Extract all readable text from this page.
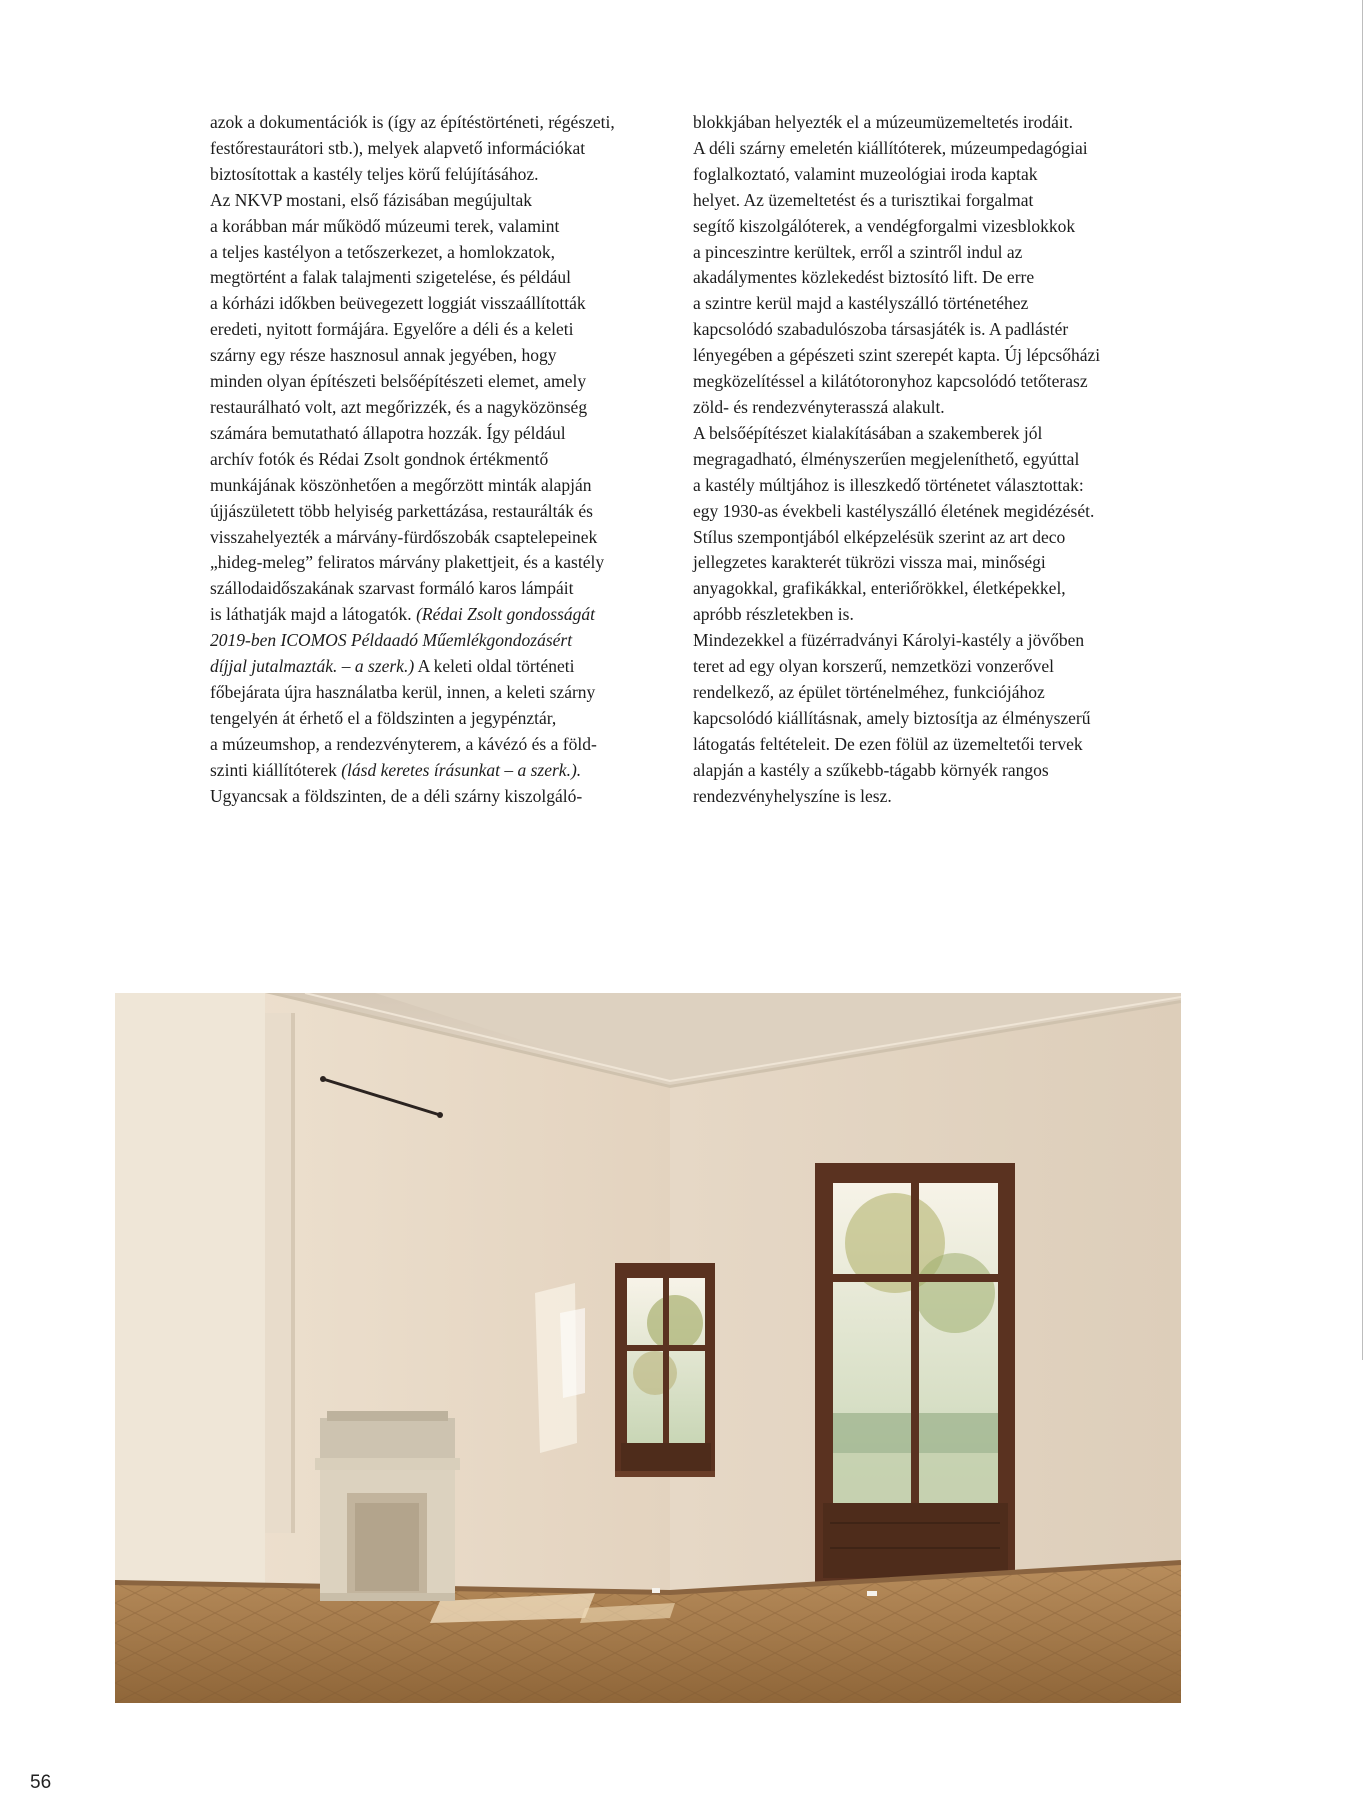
azok a dokumentációk is (így az építéstörténeti, régészeti,
festőrestaurátori stb.), melyek alapvető információkat
biztosítottak a kastély teljes körű felújításához.
Az NKVP mostani, első fázisában megújultak
a korábban már működő múzeumi terek, valamint
a teljes kastélyon a tetőszerkezet, a homlokzatok,
megtörtént a falak talajmenti szigetelése, és például
a kórházi időkben beüvegezett loggiát visszaállították
eredeti, nyitott formájára. Egyelőre a déli és a keleti
szárny egy része hasznosul annak jegyében, hogy
minden olyan építészeti belsőépítészeti elemet, amely
restaurálható volt, azt megőrizzék, és a nagyközönség
számára bemutatható állapotra hozzák. Így például
archív fotók és Rédai Zsolt gondnok értékmentő
munkájának köszönhetően a megőrzött minták alapján
újjászületett több helyiség parkettázása, restaurálták és
visszahelyezték a márvány-fürdőszobák csaptelepeinek
„hideg-meleg” feliratos márvány plakettjeit, és a kastély
szállodaidőszakának szarvast formáló karos lámpáit
is láthatják majd a látogatók. (Rédai Zsolt gondosságát
2019-ben ICOMOS Példaadó Műemlékgondozásért
díjjal jutalmazták. – a szerk.) A keleti oldal történeti
főbejárata újra használatba kerül, innen, a keleti szárny
tengelyén át érhető el a földszinten a jegypénztár,
a múzeumshop, a rendezvényterem, a kávézó és a föld-
szinti kiállítóterek (lásd keretes írásunkat – a szerk.).
Ugyancsak a földszinten, de a déli szárny kiszolgáló-
blokkjában helyezték el a múzeumüzemeltetés irodáit.
A déli szárny emeletén kiállítóterek, múzeumpedagógiai
foglalkoztató, valamint muzeológiai iroda kaptak
helyet. Az üzemeltetést és a turisztikai forgalmat
segítő kiszolgálóterek, a vendégforgalmi vizesblokkok
a pinceszintre kerültek, erről a szintről indul az
akadálymentes közlekedést biztosító lift. De erre
a szintre kerül majd a kastélyszálló történetéhez
kapcsolódó szabadulószoba társasjáték is. A padlástér
lényegében a gépészeti szint szerepét kapta. Új lépcsőházi
megközelítéssel a kilátótoronyhoz kapcsolódó tetőterasz
zöld- és rendezvényterasszá alakult.
A belsőépítészet kialakításában a szakemberek jól
megragadható, élményszerűen megjeleníthető, egyúttal
a kastély múltjához is illeszkedő történetet választottak:
egy 1930-as évekbeli kastélyszálló életének megidézését.
Stílus szempontjából elképzelésük szerint az art deco
jellegzetes karakterét tükrözi vissza mai, minőségi
anyagokkal, grafikákkal, enteriőrökkel, életképekkel,
apróbb részletekben is.
Mindezekkel a füzérradványi Károlyi-kastély a jövőben
teret ad egy olyan korszerű, nemzetközi vonzerővel
rendelkező, az épület történelméhez, funkciójához
kapcsolódó kiállításnak, amely biztosítja az élményszerű
látogatás feltételeit. De ezen fölül az üzemeltetői tervek
alapján a kastély a szűkebb-tágabb környék rangos
rendezvényhelyszíne is lesz.
56
